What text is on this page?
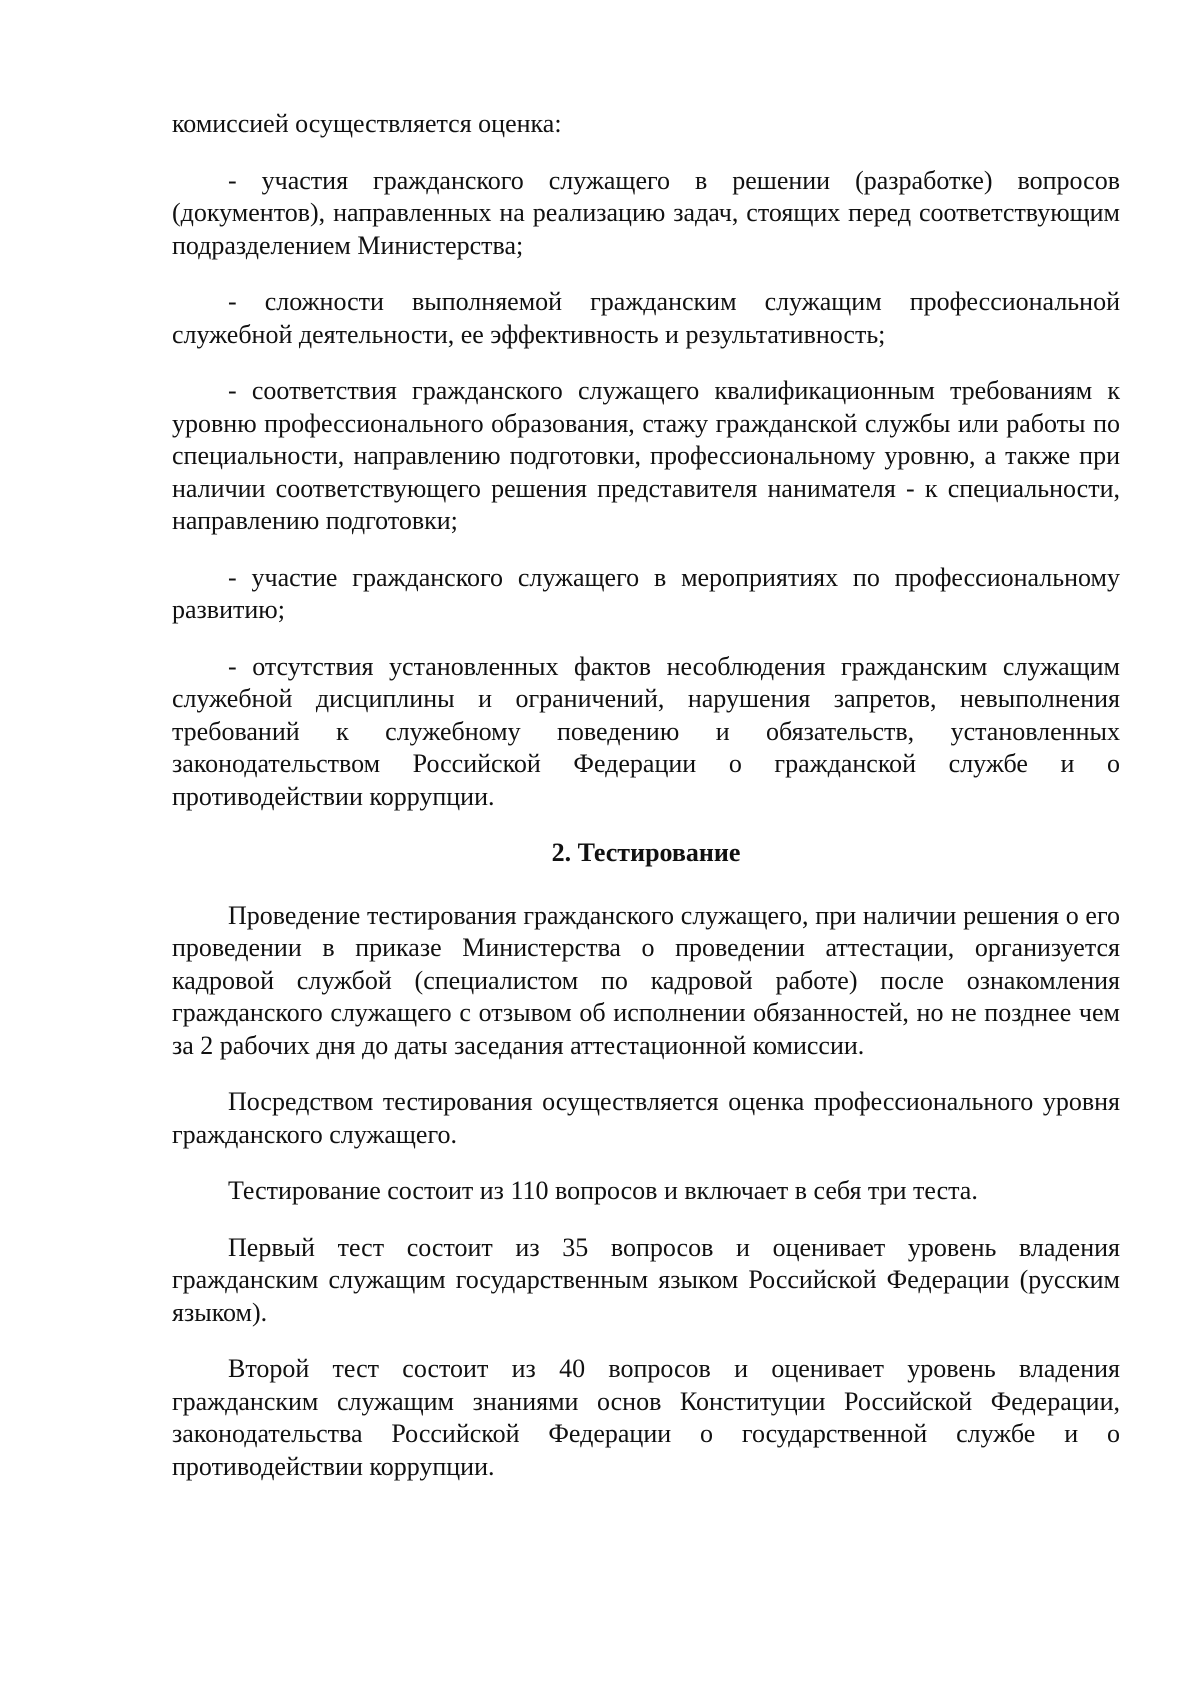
комиссией осуществляется оценка:

- участия гражданского служащего в решении (разработке) вопросов (документов), направленных на реализацию задач, стоящих перед соответствующим подразделением Министерства;

- сложности выполняемой гражданским служащим профессиональной служебной деятельности, ее эффективность и результативность;

- соответствия гражданского служащего квалификационным требованиям к уровню профессионального образования, стажу гражданской службы или работы по специальности, направлению подготовки, профессиональному уровню, а также при наличии соответствующего решения представителя нанимателя - к специальности, направлению подготовки;

- участие гражданского служащего в мероприятиях по профессиональному развитию;

- отсутствия установленных фактов несоблюдения гражданским служащим служебной дисциплины и ограничений, нарушения запретов, невыполнения требований к служебному поведению и обязательств, установленных законодательством Российской Федерации о гражданской службе и о противодействии коррупции.

2. Тестирование

Проведение тестирования гражданского служащего, при наличии решения о его проведении в приказе Министерства о проведении аттестации, организуется кадровой службой (специалистом по кадровой работе) после ознакомления гражданского служащего с отзывом об исполнении обязанностей, но не позднее чем за 2 рабочих дня до даты заседания аттестационной комиссии.

Посредством тестирования осуществляется оценка профессионального уровня гражданского служащего.

Тестирование состоит из 110 вопросов и включает в себя три теста.

Первый тест состоит из 35 вопросов и оценивает уровень владения гражданским служащим государственным языком Российской Федерации (русским языком).

Второй тест состоит из 40 вопросов и оценивает уровень владения гражданским служащим знаниями основ Конституции Российской Федерации, законодательства Российской Федерации о государственной службе и о противодействии коррупции.
